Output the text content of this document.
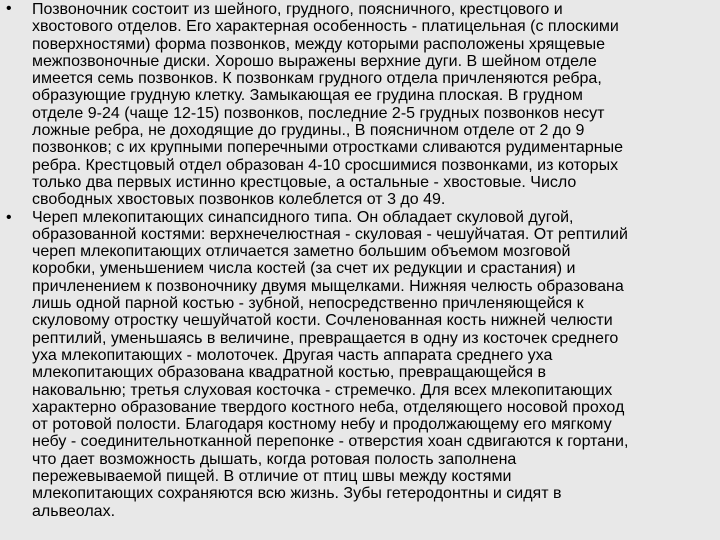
• Позвоночник состоит из шейного, грудного, поясничного, крестцового и
хвостового отделов. Его характерная особенность - платицельная (с плоскими
поверхностями) форма позвонков, между которыми расположены хрящевые
межпозвоночные диски. Хорошо выражены верхние дуги. В шейном отделе
имеется семь позвонков. К позвонкам грудного отдела причленяются ребра,
образующие грудную клетку. Замыкающая ее грудина плоская. В грудном
отделе 9-24 (чаще 12-15) позвонков, последние 2-5 грудных позвонков несут
ложные ребра, не доходящие до грудины., В поясничном отделе от 2 до 9
позвонков; с их крупными поперечными отростками сливаются рудиментарные
ребра. Крестцовый отдел образован 4-10 сросшимися позвонками, из которых
только два первых истинно крестцовые, а остальные - хвостовые. Число
свободных хвостовых позвонков колеблется от 3 до 49.
• Череп млекопитающих синапсидного типа. Он обладает скуловой дугой,
образованной костями: верхнечелюстная - скуловая - чешуйчатая. От рептилий
череп млекопитающих отличается заметно большим объемом мозговой
коробки, уменьшением числа костей (за счет их редукции и срастания) и
причленением к позвоночнику двумя мыщелками. Нижняя челюсть образована
лишь одной парной костью - зубной, непосредственно причленяющейся к
скуловому отростку чешуйчатой кости. Сочленованная кость нижней челюсти
рептилий, уменьшаясь в величине, превращается в одну из косточек среднего
уха млекопитающих - молоточек. Другая часть аппарата среднего уха
млекопитающих образована квадратной костью, превращающейся в
наковальню; третья слуховая косточка - стремечко. Для всех млекопитающих
характерно образование твердого костного неба, отделяющего носовой проход
от ротовой полости. Благодаря костному небу и продолжающему его мягкому
небу - соединительнотканной перепонке - отверстия хоан сдвигаются к гортани,
что дает возможность дышать, когда ротовая полость заполнена
пережевываемой пищей. В отличие от птиц швы между костями
млекопитающих сохраняются всю жизнь. Зубы гетеродонтны и сидят в
альвеолах.
